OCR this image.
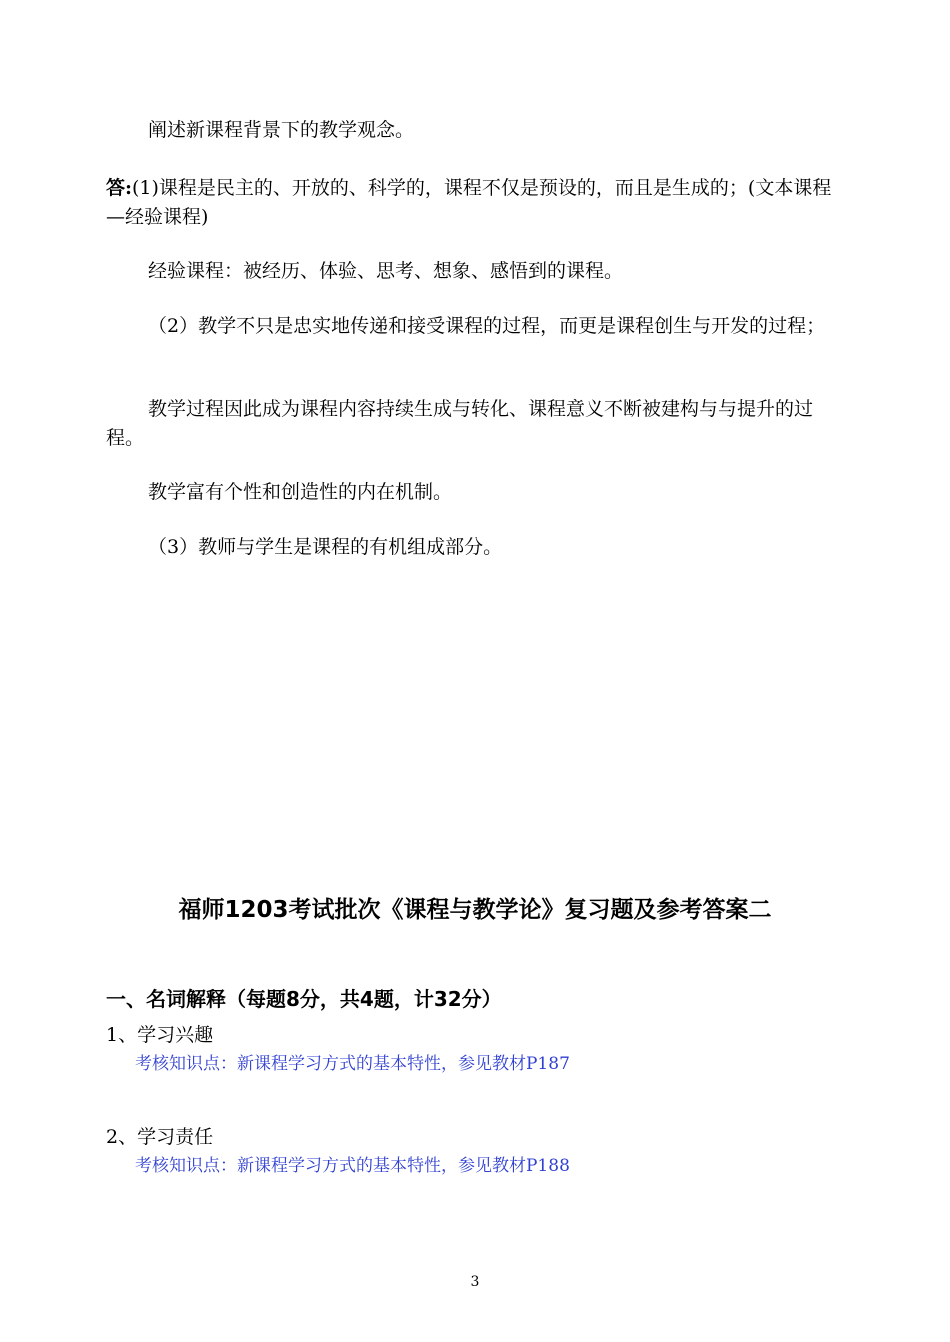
阐述新课程背景下的教学观念。

答:(1)课程是民主的、开放的、科学的，课程不仅是预设的，而且是生成的；(文本课程—经验课程)

经验课程：被经历、体验、思考、想象、感悟到的课程。

（2）教学不只是忠实地传递和接受课程的过程，而更是课程创生与开发的过程；

教学过程因此成为课程内容持续生成与转化、课程意义不断被建构与与提升的过程。

教学富有个性和创造性的内在机制。

（3）教师与学生是课程的有机组成部分。

福师1203考试批次《课程与教学论》复习题及参考答案二
一、名词解释（每题8分，共4题，计32分）

1、学习兴趣

考核知识点：新课程学习方式的基本特性，参见教材P187

2、学习责任

考核知识点：新课程学习方式的基本特性，参见教材P188

3
